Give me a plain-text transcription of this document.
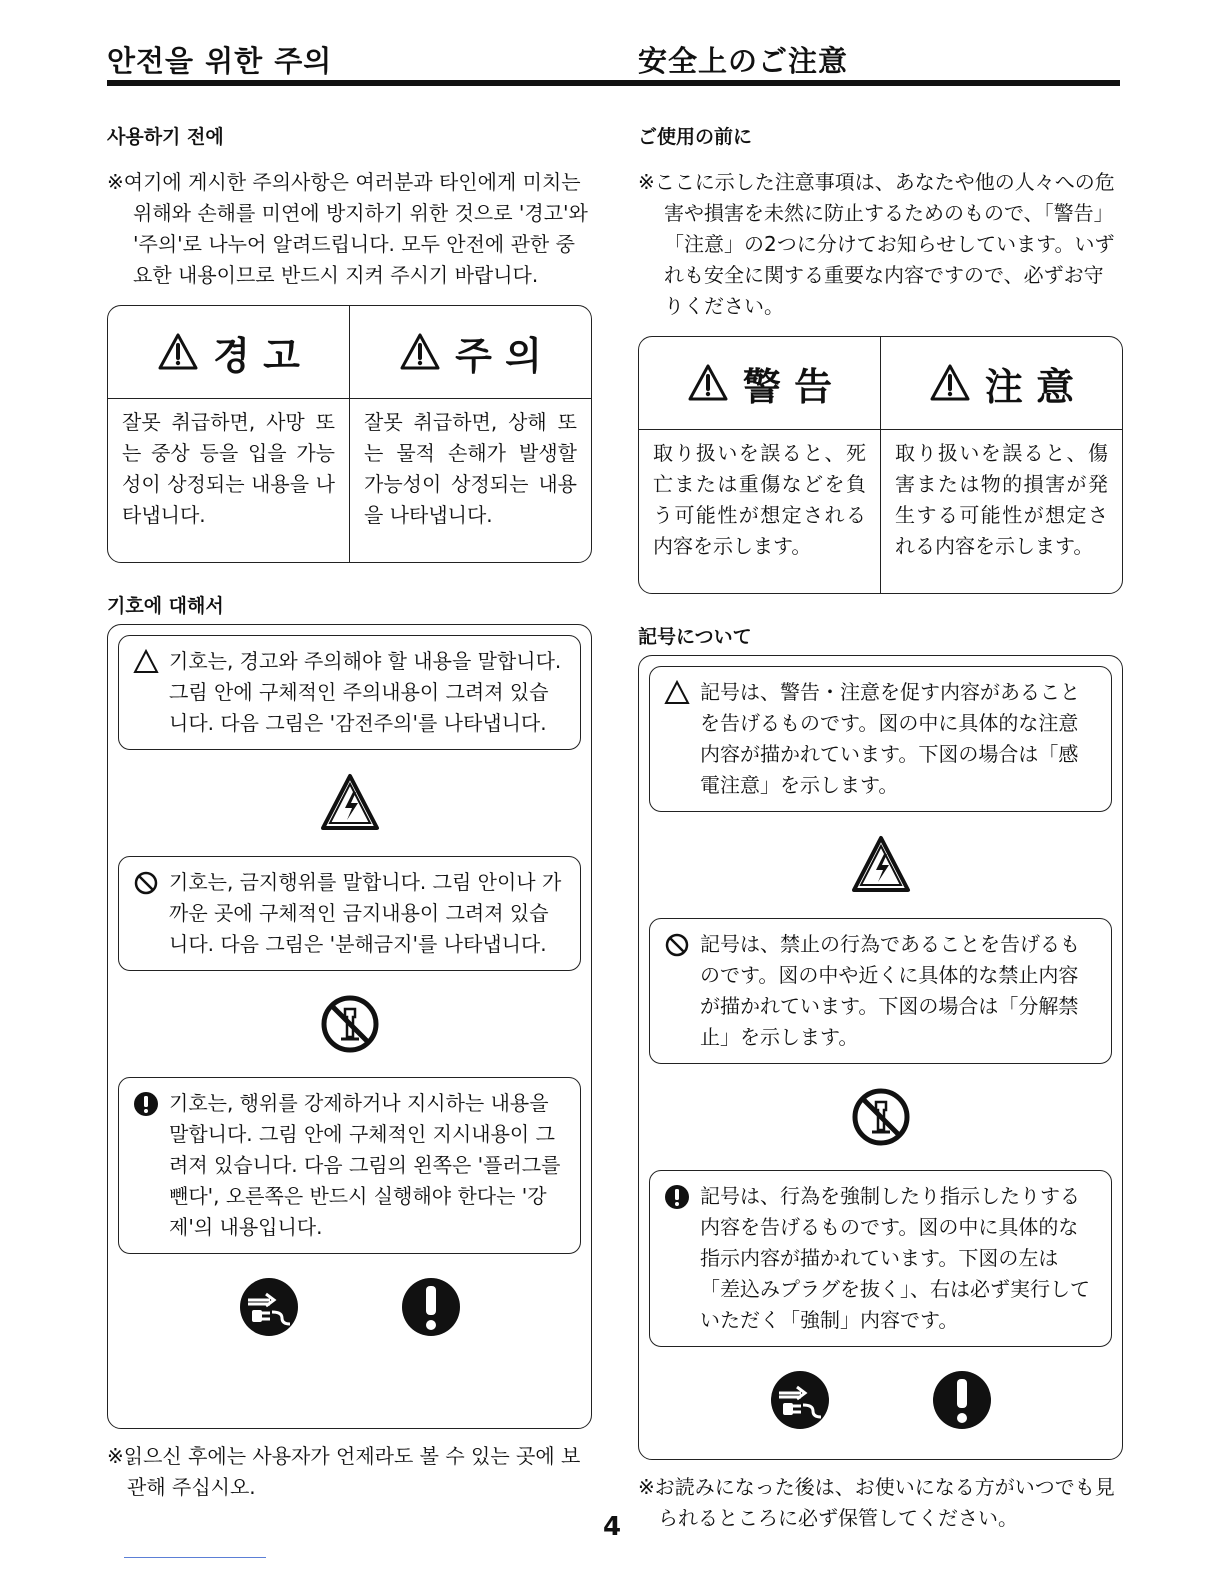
안전을 위한 주의
사용하기 전에
※여기에 게시한 주의사항은 여러분과 타인에게 미치는 위해와 손해를 미연에 방지하기 위한 것으로 '경고'와 '주의'로 나누어 알려드립니다. 모두 안전에 관한 중요한 내용이므로 반드시 지켜 주시기 바랍니다.
경 고
잘못 취급하면, 사망 또는 중상 등을 입을 가능성이 상정되는 내용을 나타냅니다.
주 의
잘못 취급하면, 상해 또는 물적 손해가 발생할 가능성이 상정되는 내용을 나타냅니다.
기호에 대해서
기호는, 경고와 주의해야 할 내용을 말합니다. 그림 안에 구체적인 주의내용이 그려져 있습니다. 다음 그림은 '감전주의'를 나타냅니다.
기호는, 금지행위를 말합니다. 그림 안이나 가까운 곳에 구체적인 금지내용이 그려져 있습니다. 다음 그림은 '분해금지'를 나타냅니다.
기호는, 행위를 강제하거나 지시하는 내용을 말합니다. 그림 안에 구체적인 지시내용이 그려져 있습니다. 다음 그림의 왼쪽은 '플러그를 뺀다', 오른쪽은 반드시 실행해야 한다는 '강제'의 내용입니다.
※읽으신 후에는 사용자가 언제라도 볼 수 있는 곳에 보관해 주십시오.
安全上のご注意
ご使用の前に
※ここに示した注意事項は、あなたや他の人々への危害や損害を未然に防止するためのもので、「警告」「注意」の2つに分けてお知らせしています。いずれも安全に関する重要な内容ですので、必ずお守りください。
警 告
取り扱いを誤ると、死亡または重傷などを負う可能性が想定される内容を示します。
注 意
取り扱いを誤ると、傷害または物的損害が発生する可能性が想定される内容を示します。
記号について
記号は、警告・注意を促す内容があることを告げるものです。図の中に具体的な注意内容が描かれています。下図の場合は「感電注意」を示します。
記号は、禁止の行為であることを告げるものです。図の中や近くに具体的な禁止内容が描かれています。下図の場合は「分解禁止」を示します。
記号は、行為を強制したり指示したりする内容を告げるものです。図の中に具体的な指示内容が描かれています。下図の左は「差込みプラグを抜く」、右は必ず実行していただく「強制」内容です。
※お読みになった後は、お使いになる方がいつでも見られるところに必ず保管してください。
4
